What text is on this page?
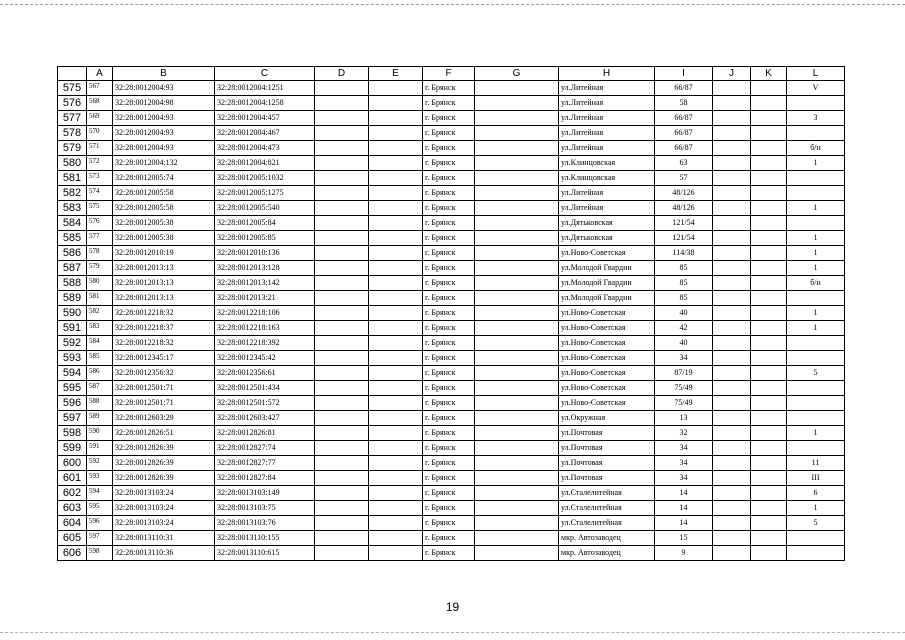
	A	B	C	D	E	F	G	H	I	J	K	L
575	567	32:28:0012004:93	32:28:0012004:1251			г. Брянск		ул.Литейная	66/87			V
576	568	32:28:0012004:98	32:28:0012004:1258			г. Брянск		ул.Литейная	58			
577	569	32:28:0012004:93	32:28:0012004:457			г. Брянск		ул.Литейная	66/87			3
578	570	32:28:0012004:93	32:28:0012004:467			г. Брянск		ул.Литейная	66/87			
579	571	32:28:0012004:93	32:28:0012004:473			г. Брянск		ул.Литейная	66/87			б/н
580	572	32:28:0012004:132	32:28:0012004:821			г. Брянск		ул.Клинцовская	63			1
581	573	32:28:0012005:74	32:28:0012005:1032			г. Брянск		ул.Клинцовская	57			
582	574	32:28:0012005:58	32:28:0012005:1275			г. Брянск		ул.Литейная	48/126			
583	575	32:28:0012005:58	32:28:0012005:540			г. Брянск		ул.Литейная	48/126			1
584	576	32:28:0012005:38	32:28:0012005:84			г. Брянск		ул.Дятьковская	121/54			
585	577	32:28:0012005:38	32:28:0012005:85			г. Брянск		ул.Дятьковская	121/54			1
586	578	32:28:0012010:19	32:28:0012010:136			г. Брянск		ул.Ново-Советская	114/38			1
587	579	32:28:0012013:13	32:28:0012013:128			г. Брянск		ул.Молодой Гвардии	85			1
588	580	32:28:0012013:13	32:28:0012013:142			г. Брянск		ул.Молодой Гвардии	85			б/н
589	581	32:28:0012013:13	32:28:0012013:21			г. Брянск		ул.Молодой Гвардии	85			
590	582	32:28:0012218:32	32:28:0012218:106			г. Брянск		ул.Ново-Советская	40			1
591	583	32:28:0012218:37	32:28:0012218:163			г. Брянск		ул.Ново-Советская	42			1
592	584	32:28:0012218:32	32:28:0012218:392			г. Брянск		ул.Ново-Советская	40			
593	585	32:28:0012345:17	32:28:0012345:42			г. Брянск		ул.Ново-Советская	34			
594	586	32:28:0012356:32	32:28:0012356:61			г. Брянск		ул.Ново-Советская	87/19			5
595	587	32:28:0012501:71	32:28:0012501:434			г. Брянск		ул.Ново-Советская	75/49			
596	588	32:28:0012501:71	32:28:0012501:572			г. Брянск		ул.Ново-Советская	75/49			
597	589	32:28:0012603:29	32:28:0012603:427			г. Брянск		ул.Окружная	13			
598	590	32:28:0012826:51	32:28:0012826:81			г. Брянск		ул.Почтовая	32			1
599	591	32:28:0012826:39	32:28:0012827:74			г. Брянск		ул.Почтовая	34			
600	592	32:28:0012826:39	32:28:0012827:77			г. Брянск		ул.Почтовая	34			11
601	593	32:28:0012826:39	32:28:0012827:84			г. Брянск		ул.Почтовая	34			III
602	594	32:28:0013103:24	32:28:0013103:149			г. Брянск		ул.Сталелитейная	14			6
603	595	32:28:0013103:24	32:28:0013103:75			г. Брянск		ул.Сталелитейная	14			1
604	596	32:28:0013103:24	32:28:0013103:76			г. Брянск		ул.Сталелитейная	14			5
605	597	32:28:0013110:31	32:28:0013110:155			г. Брянск		мкр. Автозаводец	15			
606	598	32:28:0013110:36	32:28:0013110:615			г. Брянск		мкр. Автозаводец	9			
19
